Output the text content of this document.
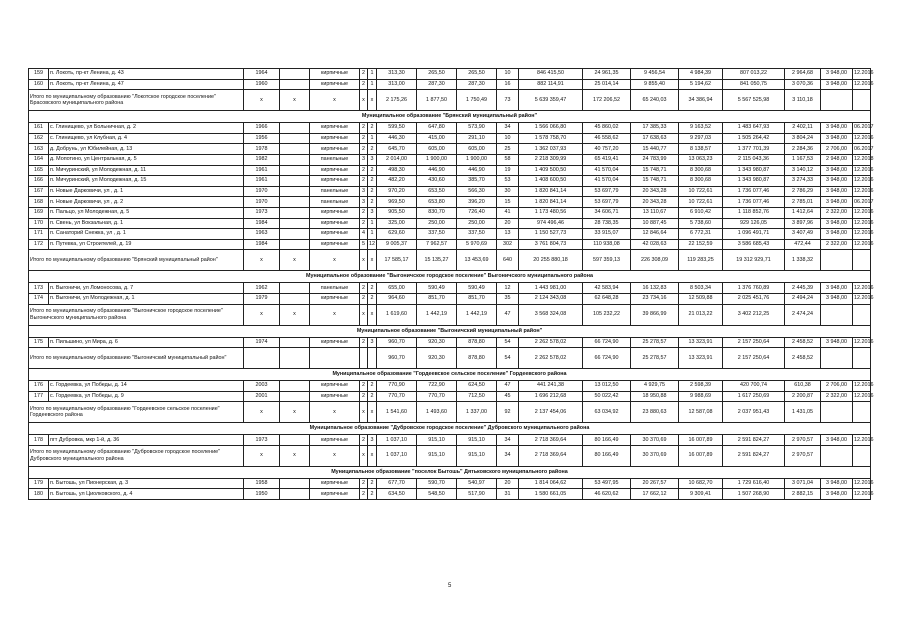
159	п. Локоть, пр-кт Ленина, д. 43	1964		кирпичные	2	1	313,30	265,50	265,50	10	846 415,50	24 961,35	9 456,54	4 984,39	807 013,22	2 964,68	3 948,00	12.2016
160	п. Локоть, пр-кт Ленина, д. 47	1960		кирпичные	2	1	313,00	287,30	287,30	16	882 114,91	25 014,14	9 855,40	5 194,62	841 050,75	3 070,36	3 948,00	12.2016
Итого по муниципальному образованию "Локотское городское поселение" Брасовского муниципального района		x	x	x	x	x	2 175,26	1 877,50	1 750,49	73	5 639 359,47	172 206,52	65 240,03	34 386,94	5 567 525,98	3 110,18		
Муниципальное образование "Брянский муниципальный район"																		
161	с. Глинищево, ул Больничная, д. 2	1966		кирпичные	2	2	599,50	647,80	573,90	34	1 566 066,80	45 860,02	17 385,33	9 163,52	1 483 647,93	2 402,11	3 948,00	06.2017
162	с. Глинищево, ул Клубная, д. 4	1956		кирпичные	2	1	446,30	415,00	291,10	10	1 578 758,70	46 558,62	17 638,63	9 297,03	1 505 264,42	3 804,24	3 948,00	12.2016
163	д. Добрунь, ул Юбилейная, д. 13	1978		кирпичные	2	2	645,70	605,00	605,00	25	1 362 037,93	40 757,20	15 440,77	8 138,57	1 377 701,39	2 284,36	2 706,00	06.2017
164	д. Мопотино, ул Центральная, д. 5	1982		панельные	3	3	2 014,00	1 900,00	1 900,00	58	2 218 309,99	65 419,41	24 783,99	13 063,23	2 115 043,36	1 167,53	2 948,00	12.2018
165	п. Мичуринский, ул Молодежная, д. 11	1961		кирпичные	2	2	498,30	446,90	446,90	19	1 409 500,50	41 570,04	15 748,71	8 300,68	1 343 980,87	3 140,12	3 948,00	12.2016
166	п. Мичуринский, ул Молодежная, д. 15	1961		кирпичные	2	2	482,20	430,60	385,70	53	1 408 600,50	41 570,04	15 748,71	8 300,68	1 343 980,87	3 274,33	3 948,00	12.2016
167	п. Новые Дарковичи, ул , д. 1	1970		панельные	3	2	970,20	653,50	566,30	30	1 820 841,14	53 697,79	20 343,28	10 722,61	1 736 077,46	2 786,29	3 948,00	12.2016
168	п. Новые Дарковичи, ул , д. 2	1970		панельные	3	2	969,50	653,80	396,20	15	1 820 841,14	53 697,79	20 343,28	10 722,61	1 736 077,46	2 785,01	3 948,00	06.2017
169	п. Пальцо, ул Молодежная, д. 5	1973		кирпичные	2	3	905,50	830,70	726,40	41	1 173 480,56	34 606,71	13 110,67	6 910,42	1 118 852,76	1 412,64	2 322,00	12.2016
170	п. Свень, ул Вокзальная, д. 1	1984		кирпичные	2	1	325,00	250,00	250,00	20	974 496,46	28 738,35	10 887,45	5 738,60	929 126,05	3 897,96	3 948,00	12.2016
171	п. Санаторий Снежка, ул , д. 1	1963		кирпичные	4	1	629,60	337,50	337,50	13	1 150 527,73	33 915,07	12 846,64	6 772,31	1 096 491,71	3 407,49	3 948,00	12.2016
172	п. Путевка, ул Строителей, д. 19	1984		кирпичные	5	12	9 005,37	7 962,57	5 970,69	302	3 761 804,73	110 938,08	42 028,63	22 152,59	3 586 685,43	472,44	2 322,00	12.2016
Итого по муниципальному образованию "Брянский муниципальный район"		x	x	x	x	x	17 585,17	15 135,27	13 453,69	640	20 255 880,18	597 359,13	226 308,09	119 283,25	19 312 929,71	1 338,32		
Муниципальное образование "Выгоничское городское поселение" Выгоничского муниципального района																		
173	п. Выгоничи, ул Ломоносова, д. 7	1962		панельные	2	2	655,00	590,49	590,49	12	1 443 981,00	42 583,94	16 132,83	8 503,34	1 376 760,89	2 445,39	3 948,00	12.2016
174	п. Выгоничи, ул Молодежная, д. 1	1979		кирпичные	2	2	964,60	851,70	851,70	35	2 124 343,08	62 648,28	23 734,16	12 509,88	2 025 451,76	2 494,24	3 948,00	12.2016
Итого по муниципальному образованию "Выгоничское городское поселение" Выгоничского муниципального района		x	x	x	x	x	1 619,60	1 442,19	1 442,19	47	3 568 324,08	105 232,22	39 866,99	21 013,22	3 402 212,25	2 474,24		
Муниципальное образование "Выгоничский муниципальный район"																		
175	п. Пильшино, ул Мира, д. 6	1974		кирпичные	2	3	960,70	920,30	878,80	54	2 262 578,02	66 724,90	25 278,57	13 323,91	2 157 250,64	2 458,52	3 948,00	12.2016
Итого по муниципальному образованию "Выгоничский муниципальный район"							960,70	920,30	878,80	54	2 262 578,02	66 724,90	25 278,57	13 323,91	2 157 250,64	2 458,52		
Муниципальное образование "Гордеевское сельское поселение" Гордеевского района																		
176	с. Гордеевка, ул Победы, д. 14	2003		кирпичные	2	2	770,90	722,90	624,50	47	441 241,38	13 012,50	4 929,75	2 598,39	420 700,74	610,38	2 706,00	12.2016
177	с. Гордеевка, ул Победы, д. 9	2001		кирпичные	2	2	770,70	770,70	712,50	45	1 696 212,68	50 022,42	18 950,88	9 988,69	1 617 250,69	2 200,87	2 322,00	12.2016
Итого по муниципальному образованию "Гордеевское сельское поселение" Гордеевского района		x	x	x	x	x	1 541,60	1 493,60	1 337,00	92	2 137 454,06	63 034,92	23 880,63	12 587,08	2 037 951,43	1 431,05		
Муниципальное образование "Дубровское городское поселение" Дубровского муниципального района																		
178	пгт Дубровка, мкр 1-й, д. 36	1973		кирпичные	2	3	1 037,10	915,10	915,10	34	2 718 369,64	80 166,49	30 370,69	16 007,89	2 591 824,27	2 970,57	3 948,00	12.2016
Итого по муниципальному образованию "Дубровское городское поселение" Дубровского муниципального района		x	x	x	x	x	1 037,10	915,10	915,10	34	2 718 369,64	80 166,49	30 370,69	16 007,89	2 591 824,27	2 970,57		
Муниципальное образование "поселок Бытошь" Дятьковского муниципального района																		
179	п. Бытошь, ул Пионерская, д. 3	1958		кирпичные	2	2	677,70	590,70	540,97	20	1 814 064,62	53 497,95	20 267,57	10 682,70	1 729 616,40	3 071,04	3 948,00	12.2016
180	п. Бытошь, ул Циолковского, д. 4	1950		кирпичные	2	2	634,50	548,50	517,90	31	1 580 661,05	46 620,62	17 662,12	9 309,41	1 507 268,90	2 882,15	3 948,00	12.2016
5
